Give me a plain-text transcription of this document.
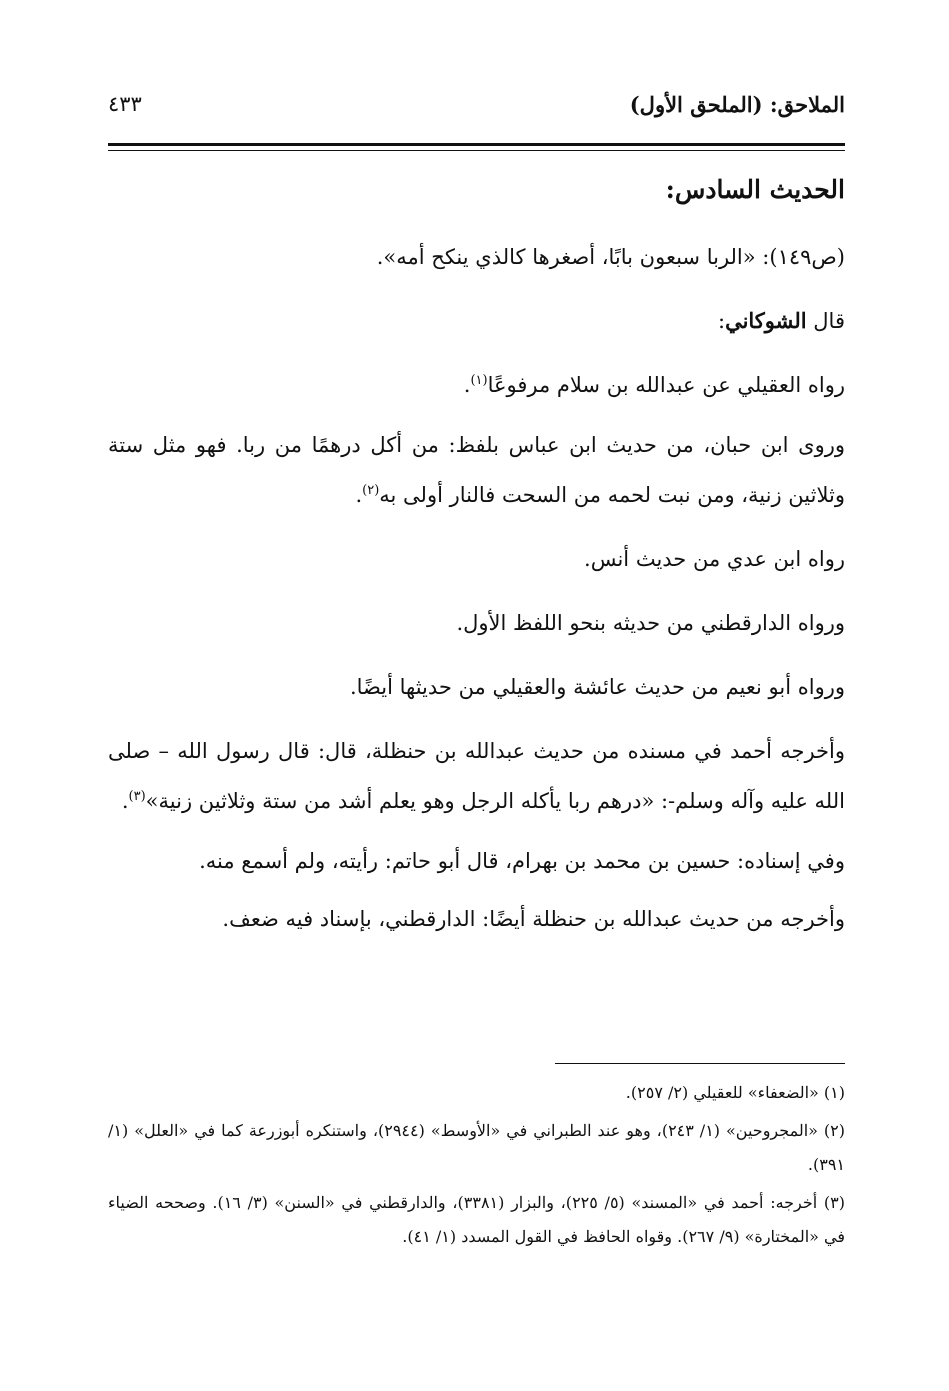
الملاحق: (الملحق الأول)
٤٣٣
الحديث السادس:

(ص١٤٩): «الربا سبعون بابًا، أصغرها كالذي ينكح أمه».

قال الشوكاني:

رواه العقيلي عن عبدالله بن سلام مرفوعًا$^{(١)}$.

وروى ابن حبان، من حديث ابن عباس بلفظ: من أكل درهمًا من ربا. فهو مثل ستة وثلاثين زنية، ومن نبت لحمه من السحت فالنار أولى به$^{(٢)}$.

رواه ابن عدي من حديث أنس.

ورواه الدارقطني من حديثه بنحو اللفظ الأول.

ورواه أبو نعيم من حديث عائشة والعقيلي من حديثها أيضًا.

وأخرجه أحمد في مسنده من حديث عبدالله بن حنظلة، قال: قال رسول الله – صلى الله عليه وآله وسلم-: «درهم ربا يأكله الرجل وهو يعلم أشد من ستة وثلاثين زنية»$^{(٣)}$.

وفي إسناده: حسين بن محمد بن بهرام، قال أبو حاتم: رأيته، ولم أسمع منه.

وأخرجه من حديث عبدالله بن حنظلة أيضًا: الدارقطني، بإسناد فيه ضعف.

(١) «الضعفاء» للعقيلي (٢/ ٢٥٧).

(٢) «المجروحين» (١/ ٢٤٣)، وهو عند الطبراني في «الأوسط» (٢٩٤٤)، واستنكره أبوزرعة كما في «العلل» (١/ ٣٩١).

(٣) أخرجه: أحمد في «المسند» (٥/ ٢٢٥)، والبزار (٣٣٨١)، والدارقطني في «السنن» (٣/ ١٦). وصححه الضياء في «المختارة» (٩/ ٢٦٧). وقواه الحافظ في القول المسدد (١/ ٤١).
